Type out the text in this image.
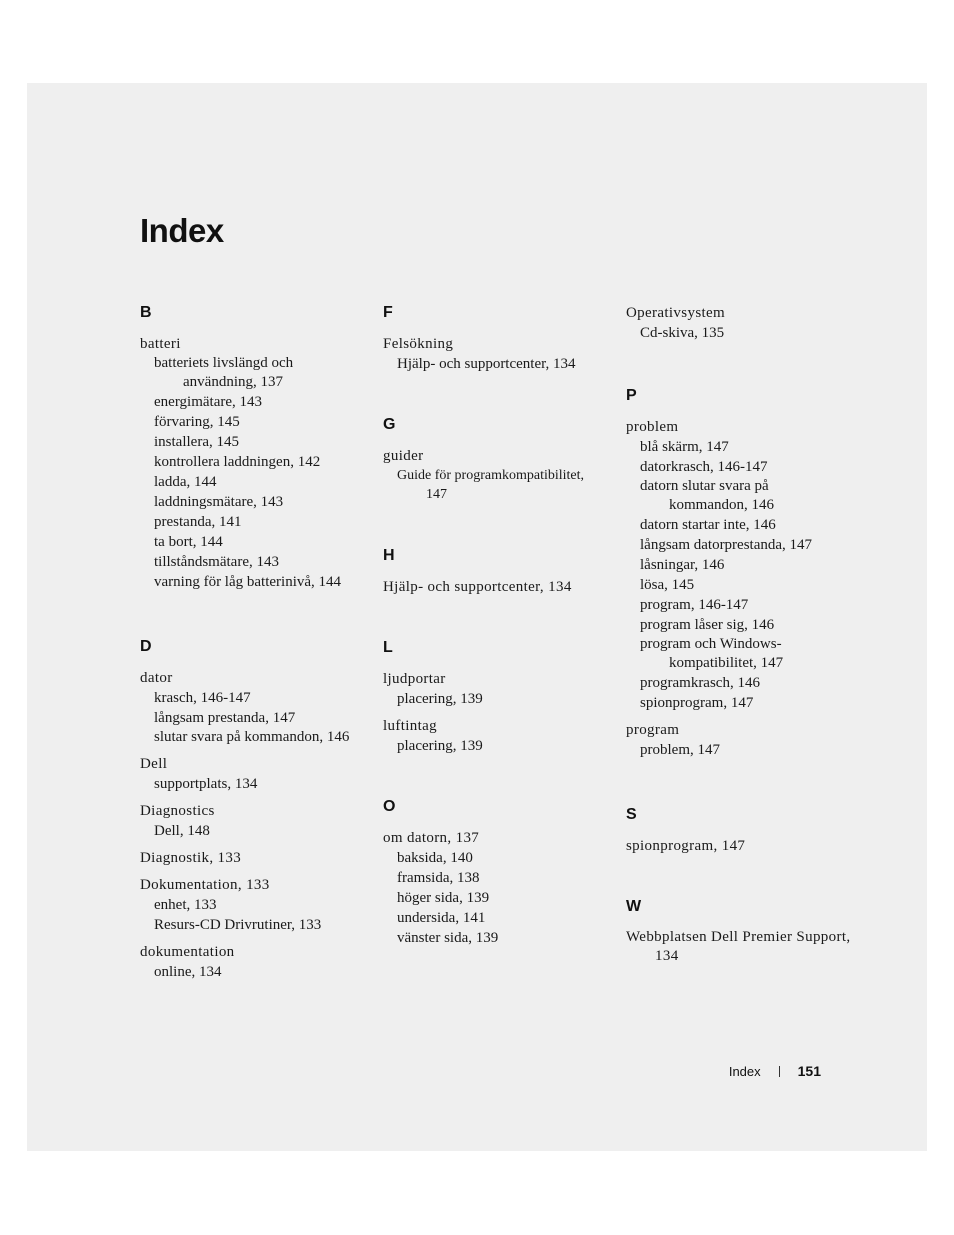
Index
B
batteri
batteriets livslängd och användning, 137
energimätare, 143
förvaring, 145
installera, 145
kontrollera laddningen, 142
ladda, 144
laddningsmätare, 143
prestanda, 141
ta bort, 144
tillståndsmätare, 143
varning för låg batterinivå, 144
D
dator
krasch, 146-147
långsam prestanda, 147
slutar svara på kommandon, 146
Dell
supportplats, 134
Diagnostics
Dell, 148
Diagnostik, 133
Dokumentation, 133
enhet, 133
Resurs-CD Drivrutiner, 133
dokumentation
online, 134
F
Felsökning
Hjälp- och supportcenter, 134
G
guider
Guide för programkompatibilitet, 147
H
Hjälp- och supportcenter, 134
L
ljudportar
placering, 139
luftintag
placering, 139
O
om datorn, 137
baksida, 140
framsida, 138
höger sida, 139
undersida, 141
vänster sida, 139
Operativsystem
Cd-skiva, 135
P
problem
blå skärm, 147
datorkrasch, 146-147
datorn slutar svara på kommandon, 146
datorn startar inte, 146
långsam datorprestanda, 147
låsningar, 146
lösa, 145
program, 146-147
program låser sig, 146
program och Windows-kompatibilitet, 147
programkrasch, 146
spionprogram, 147
program
problem, 147
S
spionprogram, 147
W
Webbplatsen Dell Premier Support, 134
Index	151
